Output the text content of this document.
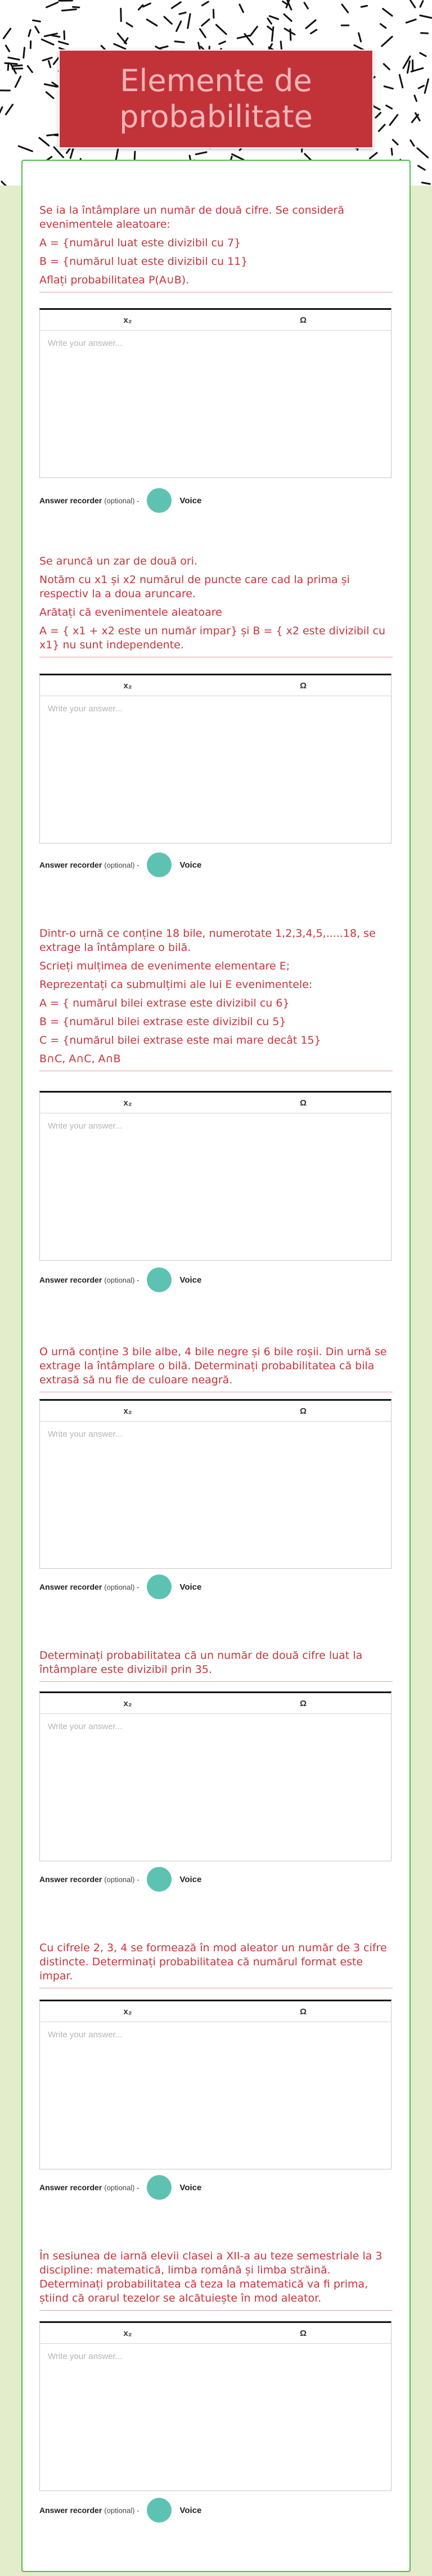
Elemente de probabilitate

Se ia la întâmplare un număr de două cifre. Se consideră evenimentele aleatoare:

A = {numărul luat este divizibil cu 7}

B = {numărul luat este divizibil cu 11}

Aflați probabilitatea P(A∪B).

x₂	Ω
Write your answer...
Answer recorder (optional) -	Voice

Se aruncă un zar de două ori.

Notăm cu x1 și x2 numărul de puncte care cad la prima și respectiv la a doua aruncare.

Arătați că evenimentele aleatoare

A = { x1 + x2 este un număr impar} și B = { x2 este divizibil cu x1} nu sunt independente.

x₂	Ω
Write your answer...
Answer recorder (optional) -	Voice

Dintr-o urnă ce conține 18 bile, numerotate 1,2,3,4,5,.....18, se extrage la întâmplare o bilă.

Scrieți mulțimea de evenimente elementare E;

Reprezentați ca submulțimi ale lui E evenimentele:

A = { numărul bilei extrase este divizibil cu 6}

B = {numărul bilei extrase este divizibil cu 5}

C = {numărul bilei extrase este mai mare decât 15}

B∩C, A∩C, A∩B

x₂	Ω
Write your answer...
Answer recorder (optional) -	Voice

O urnă conține 3 bile albe, 4 bile negre și 6 bile roșii. Din urnă se extrage la întâmplare o bilă. Determinați probabilitatea că bila extrasă să nu fie de culoare neagră.

x₂	Ω
Write your answer...
Answer recorder (optional) -	Voice

Determinați probabilitatea că un număr de două cifre luat la întâmplare este divizibil prin 35.

x₂	Ω
Write your answer...
Answer recorder (optional) -	Voice

Cu cifrele 2, 3, 4 se formează în mod aleator un număr de 3 cifre distincte. Determinați probabilitatea că numărul format este impar.

x₂	Ω
Write your answer...
Answer recorder (optional) -	Voice

În sesiunea de iarnă elevii clasei a XII-a au teze semestriale la 3 discipline: matematică, limba română și limba străină. Determinați probabilitatea că teza la matematică va fi prima, știind că orarul tezelor se alcătuiește în mod aleator.

x₂	Ω
Write your answer...
Answer recorder (optional) -	Voice
